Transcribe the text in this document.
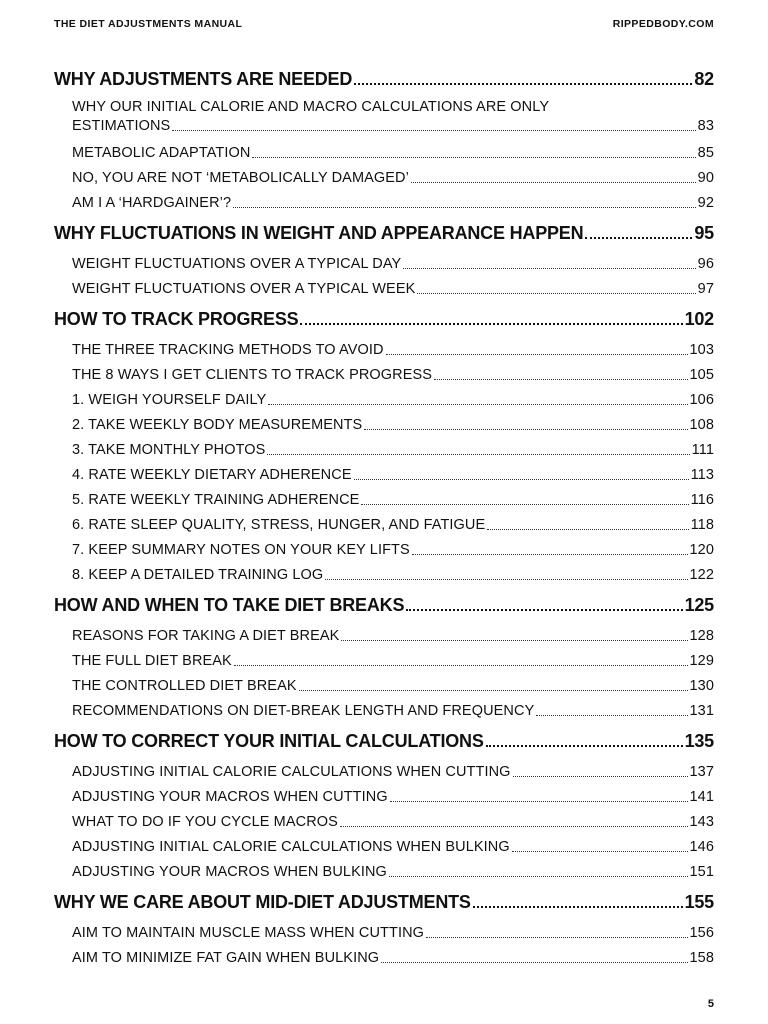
THE DIET ADJUSTMENTS MANUAL	RIPPEDBODY.COM
WHY ADJUSTMENTS ARE NEEDED	82
WHY OUR INITIAL CALORIE AND MACRO CALCULATIONS ARE ONLY
ESTIMATIONS	83
METABOLIC ADAPTATION	85
NO, YOU ARE NOT ‘METABOLICALLY DAMAGED’	90
AM I A ‘HARDGAINER’?	92
WHY FLUCTUATIONS IN WEIGHT AND APPEARANCE HAPPEN	95
WEIGHT FLUCTUATIONS OVER A TYPICAL DAY	96
WEIGHT FLUCTUATIONS OVER A TYPICAL WEEK	97
HOW TO TRACK PROGRESS	102
THE THREE TRACKING METHODS TO AVOID	103
THE 8 WAYS I GET CLIENTS TO TRACK PROGRESS	105
1. WEIGH YOURSELF DAILY	106
2. TAKE WEEKLY BODY MEASUREMENTS	108
3. TAKE MONTHLY PHOTOS	111
4. RATE WEEKLY DIETARY ADHERENCE	113
5. RATE WEEKLY TRAINING ADHERENCE	116
6. RATE SLEEP QUALITY, STRESS, HUNGER, AND FATIGUE	118
7. KEEP SUMMARY NOTES ON YOUR KEY LIFTS	120
8. KEEP A DETAILED TRAINING LOG	122
HOW AND WHEN TO TAKE DIET BREAKS	125
REASONS FOR TAKING A DIET BREAK	128
THE FULL DIET BREAK	129
THE CONTROLLED DIET BREAK	130
RECOMMENDATIONS ON DIET-BREAK LENGTH AND FREQUENCY	131
HOW TO CORRECT YOUR INITIAL CALCULATIONS	135
ADJUSTING INITIAL CALORIE CALCULATIONS WHEN CUTTING	137
ADJUSTING YOUR MACROS WHEN CUTTING	141
WHAT TO DO IF YOU CYCLE MACROS	143
ADJUSTING INITIAL CALORIE CALCULATIONS WHEN BULKING	146
ADJUSTING YOUR MACROS WHEN BULKING	151
WHY WE CARE ABOUT MID-DIET ADJUSTMENTS	155
AIM TO MAINTAIN MUSCLE MASS WHEN CUTTING	156
AIM TO MINIMIZE FAT GAIN WHEN BULKING	158
5
